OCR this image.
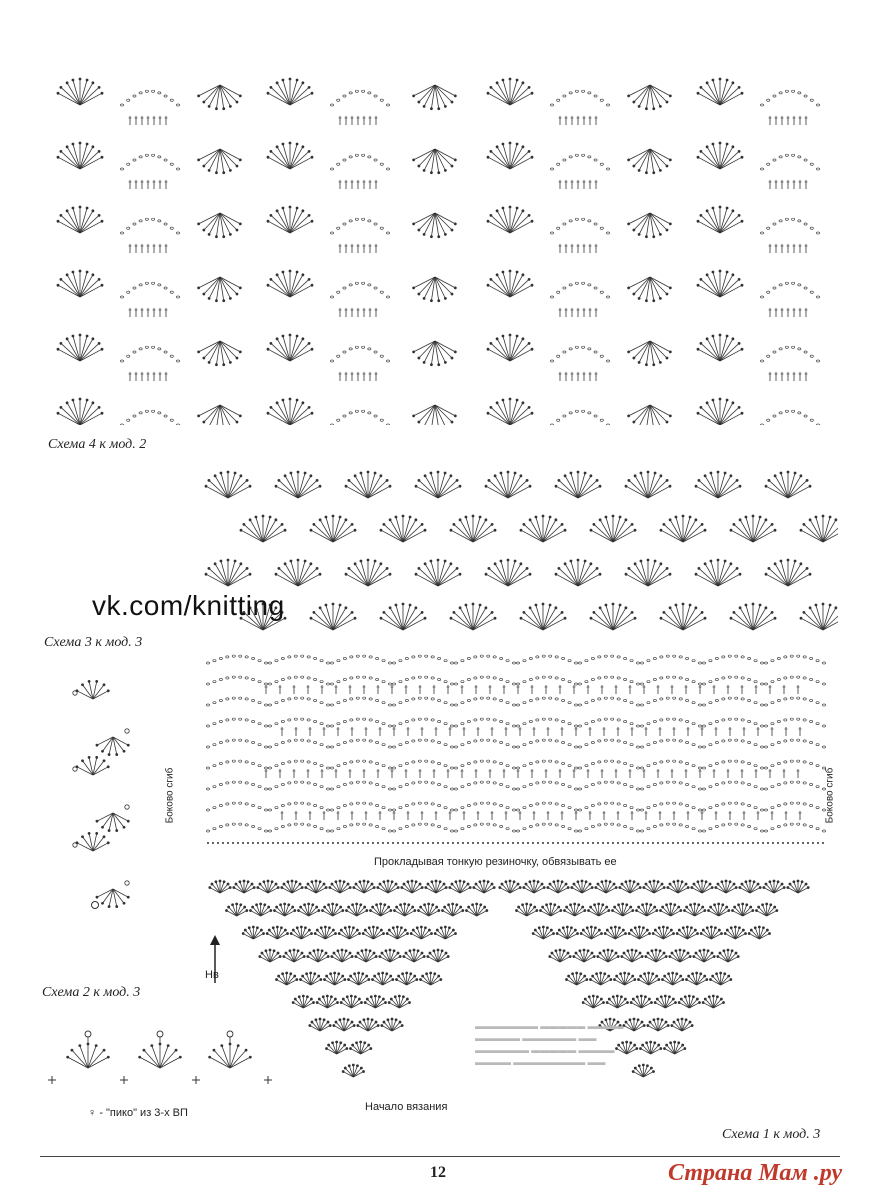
Схема 4 к мод. 2
Боково сгиб	Боково сгиб
Прокладывая тонкую резиночку, обвязывать ее
vk.com/knitting
Схема 3 к мод. 3
Нв
Схема 2 к мод. 3
♀ - "пико" из 3-х ВП	Начало вязания
Схема 1 к мод. 3
▬▬▬▬▬▬▬ ▬▬▬▬▬ ▬▬▬▬
▬▬▬▬▬ ▬▬▬▬▬▬ ▬▬
▬▬▬▬▬▬ ▬▬▬▬▬ ▬▬▬▬
▬▬▬▬ ▬▬▬▬▬▬▬▬ ▬▬
12	Страна Мам .ру
